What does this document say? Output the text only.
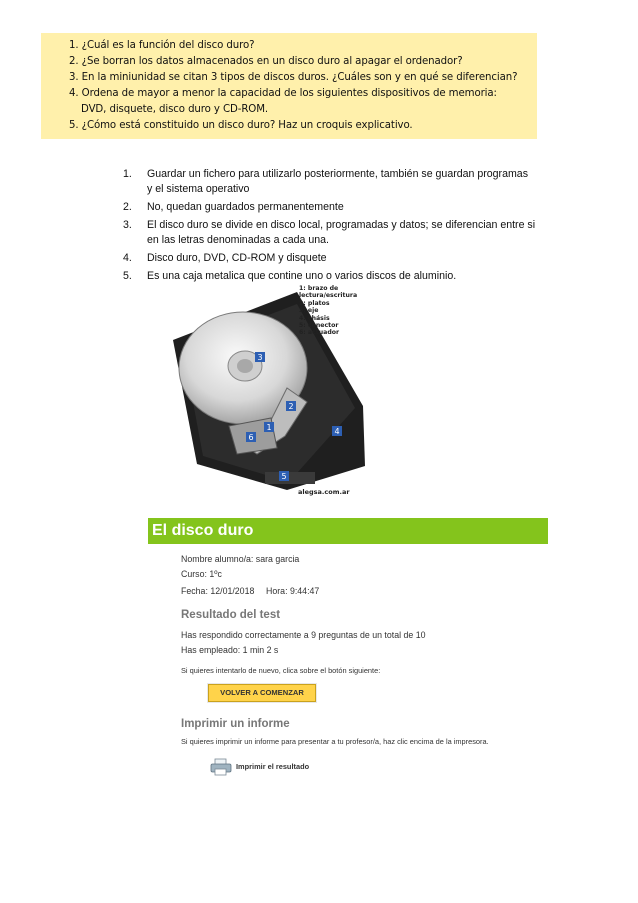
1. ¿Cuál es la función del disco duro?
2. ¿Se borran los datos almacenados en un disco duro al apagar el ordenador?
3. En la miniunidad se citan 3 tipos de discos duros. ¿Cuáles son y en qué se diferencian?
4. Ordena de mayor a menor la capacidad de los siguientes dispositivos de memoria:
DVD, disquete, disco duro y CD-ROM.
5. ¿Cómo está constituido un disco duro? Haz un croquis explicativo.
1. Guardar un fichero para utilizarlo posteriormente, también se guardan programas
y el sistema operativo
2. No, quedan guardados permanentemente
3. El disco duro se divide en disco local, programadas y datos; se diferencian entre si
en las letras denominadas a cada una.
4. Disco duro, DVD, CD-ROM y disquete
5. Es una caja metalica que contine uno o varios discos de aluminio.
3
2
1
6
4
5
1: brazo de
lectura/escritura
2: platos
3: eje
4: chásis
5: conector
6: actuador
alegsa.com.ar
El disco duro
Nombre alumno/a: sara garcia
Curso: 1ºc
Fecha: 12/01/2018 Hora: 9:44:47
Resultado del test
Has respondido correctamente a 9 preguntas de un total de 10
Has empleado: 1 min 2 s
Si quieres intentarlo de nuevo, clica sobre el botón siguiente:
VOLVER A COMENZAR
Imprimir un informe
Si quieres imprimir un informe para presentar a tu profesor/a, haz clic encima de la impresora.
Imprimir el resultado
